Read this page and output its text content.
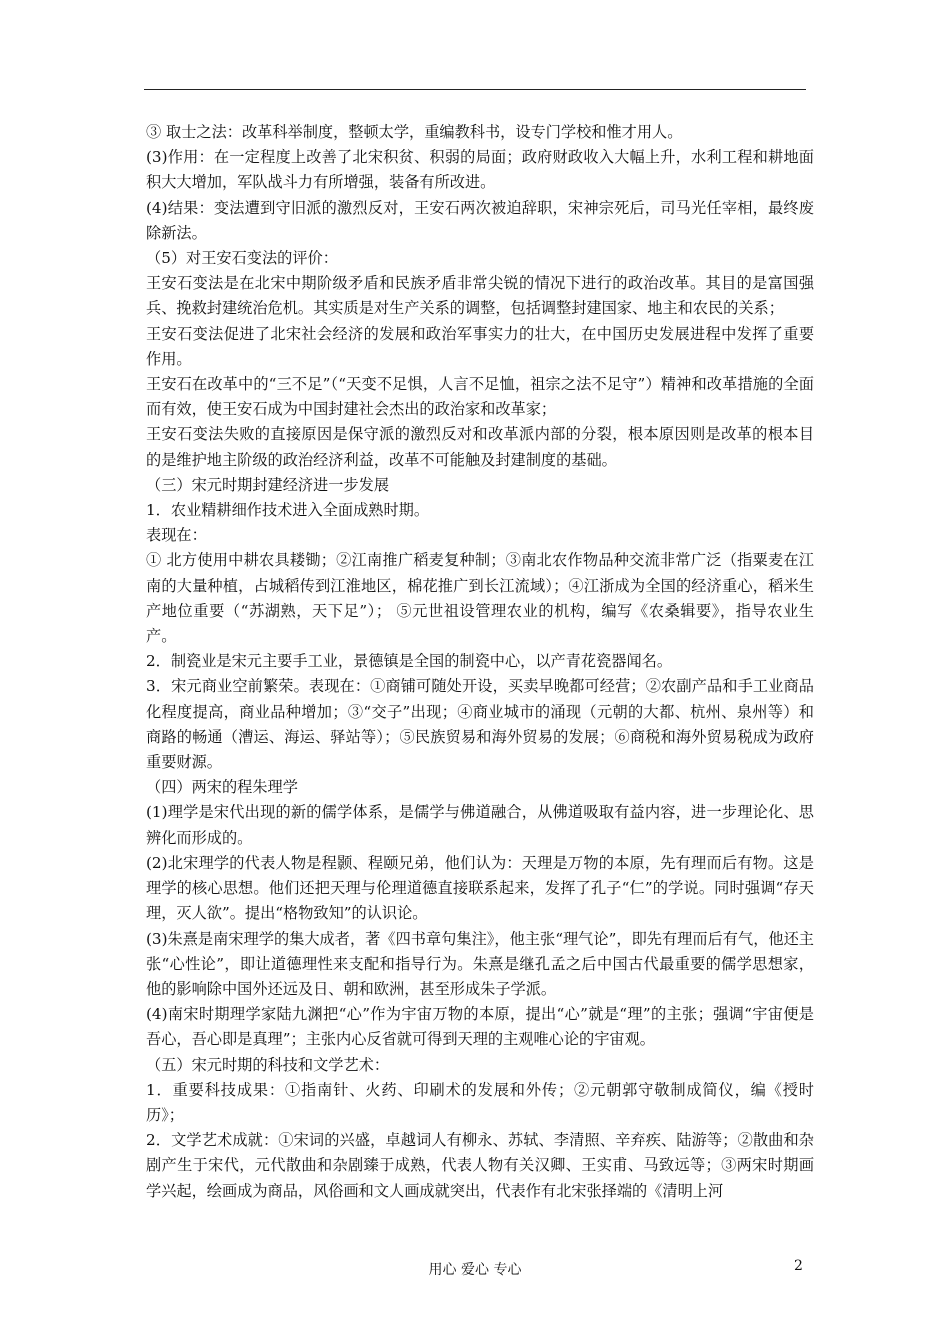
③ 取士之法：改革科举制度，整顿太学，重编教科书，设专门学校和惟才用人。

(3)作用：在一定程度上改善了北宋积贫、积弱的局面；政府财政收入大幅上升，水利工程和耕地面积大大增加，军队战斗力有所增强，装备有所改进。

(4)结果：变法遭到守旧派的激烈反对，王安石两次被迫辞职，宋神宗死后，司马光任宰相，最终废除新法。

（5）对王安石变法的评价：

王安石变法是在北宋中期阶级矛盾和民族矛盾非常尖锐的情况下进行的政治改革。其目的是富国强兵、挽救封建统治危机。其实质是对生产关系的调整，包括调整封建国家、地主和农民的关系；

王安石变法促进了北宋社会经济的发展和政治军事实力的壮大，在中国历史发展进程中发挥了重要作用。

王安石在改革中的“三不足”（“天变不足惧，人言不足恤，祖宗之法不足守”）精神和改革措施的全面而有效，使王安石成为中国封建社会杰出的政治家和改革家；

王安石变法失败的直接原因是保守派的激烈反对和改革派内部的分裂，根本原因则是改革的根本目的是维护地主阶级的政治经济利益，改革不可能触及封建制度的基础。

（三）宋元时期封建经济进一步发展

1．农业精耕细作技术进入全面成熟时期。

表现在：

① 北方使用中耕农具耧锄；②江南推广稻麦复种制；③南北农作物品种交流非常广泛（指粟麦在江南的大量种植，占城稻传到江淮地区，棉花推广到长江流域）；④江浙成为全国的经济重心，稻米生产地位重要（“苏湖熟，天下足”）； ⑤元世祖设管理农业的机构，编写《农桑辑要》，指导农业生产。

2．制瓷业是宋元主要手工业，景德镇是全国的制瓷中心，以产青花瓷器闻名。

3．宋元商业空前繁荣。表现在：①商铺可随处开设，买卖早晚都可经营；②农副产品和手工业商品化程度提高，商业品种增加；③“交子”出现；④商业城市的涌现（元朝的大都、杭州、泉州等）和商路的畅通（漕运、海运、驿站等）；⑤民族贸易和海外贸易的发展；⑥商税和海外贸易税成为政府重要财源。

（四）两宋的程朱理学

(1)理学是宋代出现的新的儒学体系，是儒学与佛道融合，从佛道吸取有益内容，进一步理论化、思辨化而形成的。

(2)北宋理学的代表人物是程颢、程颐兄弟，他们认为：天理是万物的本原，先有理而后有物。这是理学的核心思想。他们还把天理与伦理道德直接联系起来，发挥了孔子“仁”的学说。同时强调“存天理，灭人欲”。提出“格物致知”的认识论。

(3)朱熹是南宋理学的集大成者，著《四书章句集注》，他主张“理气论”，即先有理而后有气，他还主张“心性论”，即让道德理性来支配和指导行为。朱熹是继孔孟之后中国古代最重要的儒学思想家，他的影响除中国外还远及日、朝和欧洲，甚至形成朱子学派。

(4)南宋时期理学家陆九渊把“心”作为宇宙万物的本原，提出“心”就是“理”的主张；强调“宇宙便是吾心，吾心即是真理”；主张内心反省就可得到天理的主观唯心论的宇宙观。

（五）宋元时期的科技和文学艺术：

1．重要科技成果：①指南针、火药、印刷术的发展和外传；②元朝郭守敬制成简仪，编《授时历》；

2．文学艺术成就：①宋词的兴盛，卓越词人有柳永、苏轼、李清照、辛弃疾、陆游等；②散曲和杂剧产生于宋代，元代散曲和杂剧臻于成熟，代表人物有关汉卿、王实甫、马致远等；③两宋时期画学兴起，绘画成为商品，风俗画和文人画成就突出，代表作有北宋张择端的《清明上河

用心 爱心 专心	2
